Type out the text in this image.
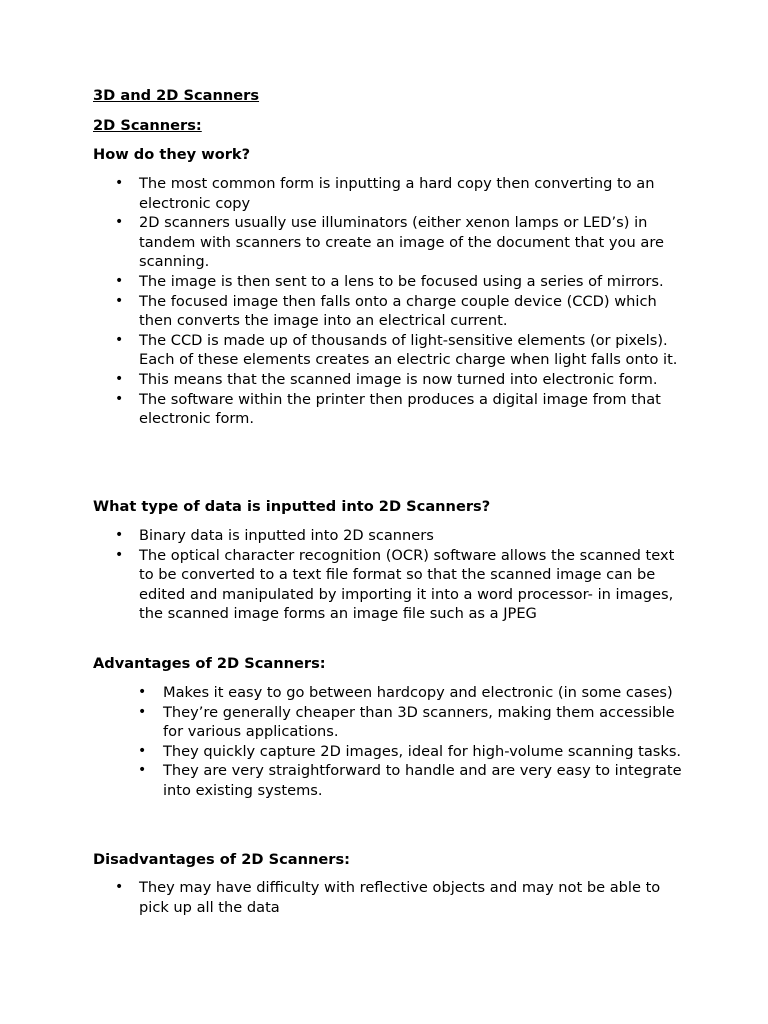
3D and 2D Scanners
2D Scanners:
How do they work?
• The most common form is inputting a hard copy then converting to an electronic copy
• 2D scanners usually use illuminators (either xenon lamps or LED’s) in tandem with scanners to create an image of the document that you are scanning.
• The image is then sent to a lens to be focused using a series of mirrors.
• The focused image then falls onto a charge couple device (CCD) which then converts the image into an electrical current.
• The CCD is made up of thousands of light-sensitive elements (or pixels). Each of these elements creates an electric charge when light falls onto it.
• This means that the scanned image is now turned into electronic form.
• The software within the printer then produces a digital image from that electronic form.
What type of data is inputted into 2D Scanners?
• Binary data is inputted into 2D scanners
• The optical character recognition (OCR) software allows the scanned text to be converted to a text file format so that the scanned image can be edited and manipulated by importing it into a word processor- in images, the scanned image forms an image file such as a JPEG
Advantages of 2D Scanners:
• Makes it easy to go between hardcopy and electronic (in some cases)
• They’re generally cheaper than 3D scanners, making them accessible for various applications.
• They quickly capture 2D images, ideal for high-volume scanning tasks.
• They are very straightforward to handle and are very easy to integrate into existing systems.
Disadvantages of 2D Scanners:
• They may have difficulty with reflective objects and may not be able to pick up all the data
